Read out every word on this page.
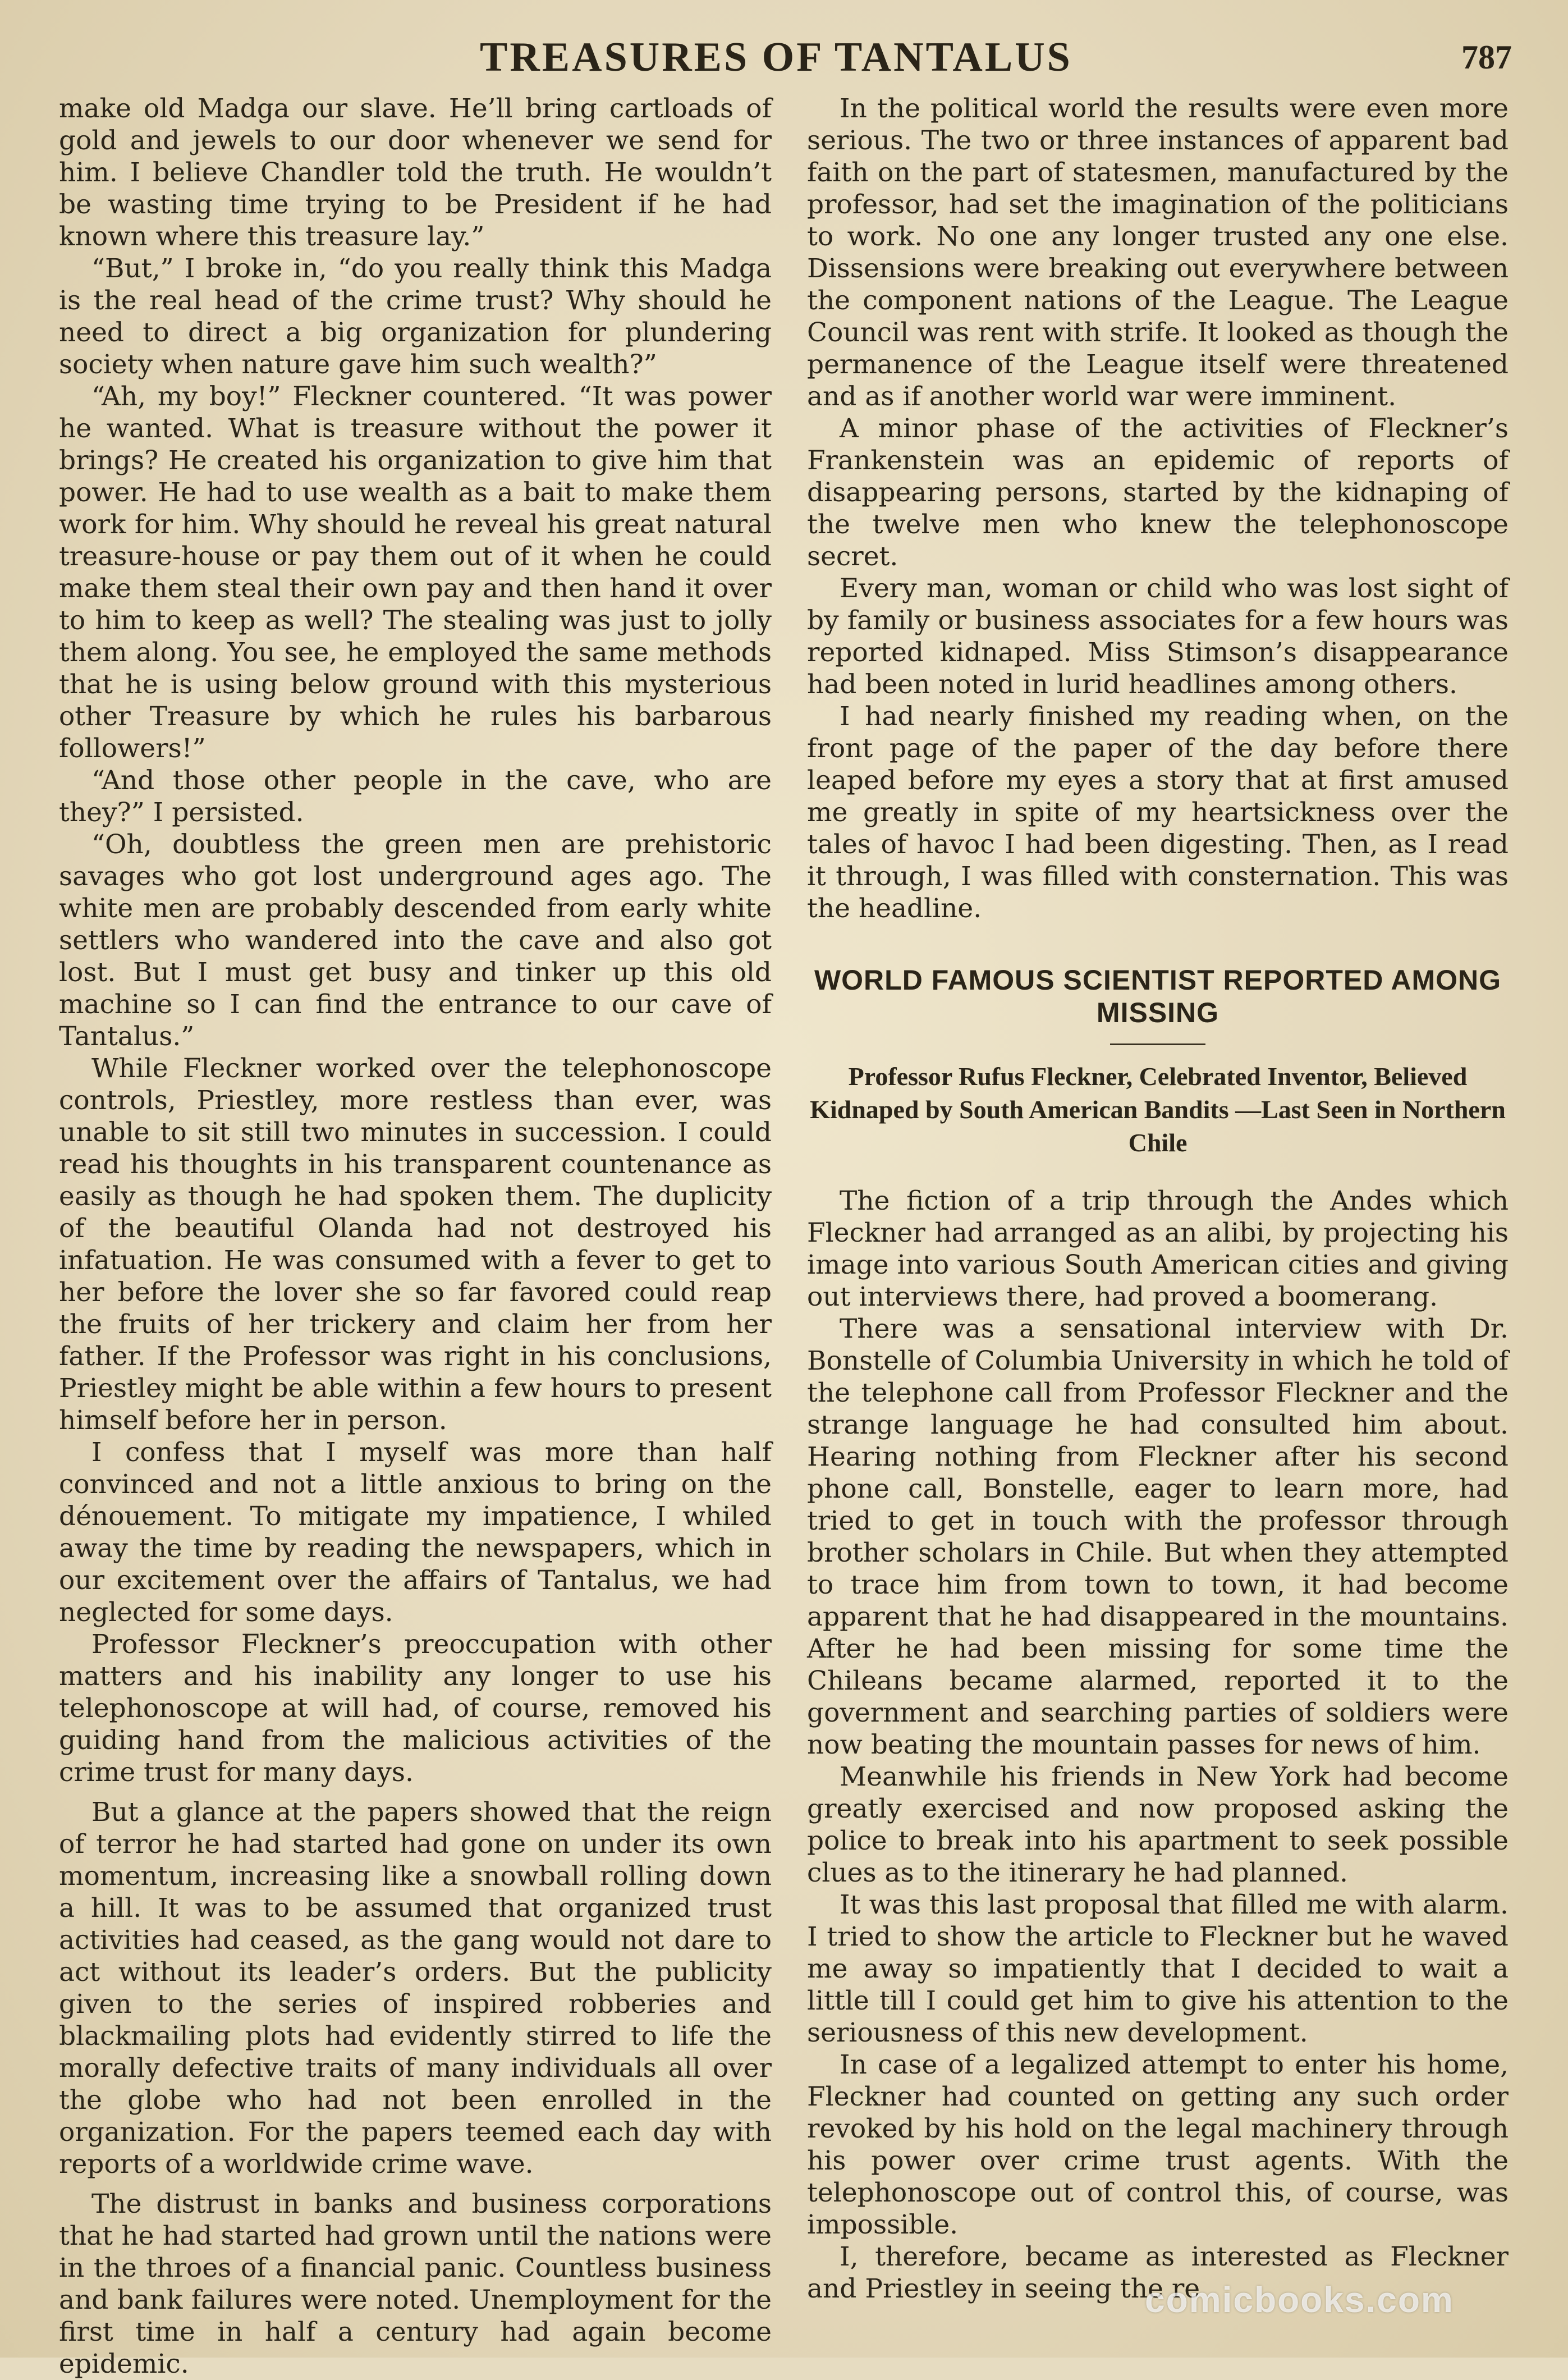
TREASURES OF TANTALUS	787

make old Madga our slave. He’ll bring cartloads of gold and jewels to our door whenever we send for him. I believe Chandler told the truth. He wouldn’t be wasting time trying to be President if he had known where this treasure lay.”

“But,” I broke in, “do you really think this Madga is the real head of the crime trust? Why should he need to direct a big organization for plundering society when nature gave him such wealth?”

“Ah, my boy!” Fleckner countered. “It was power he wanted. What is treasure without the power it brings? He created his organization to give him that power. He had to use wealth as a bait to make them work for him. Why should he reveal his great natural treasure-house or pay them out of it when he could make them steal their own pay and then hand it over to him to keep as well? The stealing was just to jolly them along. You see, he employed the same methods that he is using below ground with this mysterious other Treasure by which he rules his barbarous followers!”

“And those other people in the cave, who are they?” I persisted.

“Oh, doubtless the green men are prehistoric savages who got lost underground ages ago. The white men are probably descended from early white settlers who wandered into the cave and also got lost. But I must get busy and tinker up this old machine so I can find the entrance to our cave of Tantalus.”

While Fleckner worked over the telephonoscope controls, Priestley, more restless than ever, was unable to sit still two minutes in succession. I could read his thoughts in his transparent countenance as easily as though he had spoken them. The duplicity of the beautiful Olanda had not destroyed his infatuation. He was consumed with a fever to get to her before the lover she so far favored could reap the fruits of her trickery and claim her from her father. If the Professor was right in his conclusions, Priestley might be able within a few hours to present himself before her in person.

I confess that I myself was more than half convinced and not a little anxious to bring on the dénouement. To mitigate my impatience, I whiled away the time by reading the newspapers, which in our excitement over the affairs of Tantalus, we had neglected for some days.

Professor Fleckner’s preoccupation with other matters and his inability any longer to use his telephonoscope at will had, of course, removed his guiding hand from the malicious activities of the crime trust for many days.

But a glance at the papers showed that the reign of terror he had started had gone on under its own momentum, increasing like a snowball rolling down a hill. It was to be assumed that organized trust activities had ceased, as the gang would not dare to act without its leader’s orders. But the publicity given to the series of inspired robberies and blackmailing plots had evidently stirred to life the morally defective traits of many individuals all over the globe who had not been enrolled in the organization. For the papers teemed each day with reports of a worldwide crime wave.

The distrust in banks and business corporations that he had started had grown until the nations were in the throes of a financial panic. Countless business and bank failures were noted. Unemployment for the first time in half a century had again become epidemic.

In the political world the results were even more serious. The two or three instances of apparent bad faith on the part of statesmen, manufactured by the professor, had set the imagination of the politicians to work. No one any longer trusted any one else. Dissensions were breaking out everywhere between the component nations of the League. The League Council was rent with strife. It looked as though the permanence of the League itself were threatened and as if another world war were imminent.

A minor phase of the activities of Fleckner’s Frankenstein was an epidemic of reports of disappearing persons, started by the kidnaping of the twelve men who knew the telephonoscope secret.

Every man, woman or child who was lost sight of by family or business associates for a few hours was reported kidnaped. Miss Stimson’s disappearance had been noted in lurid headlines among others.

I had nearly finished my reading when, on the front page of the paper of the day before there leaped before my eyes a story that at first amused me greatly in spite of my heartsickness over the tales of havoc I had been digesting. Then, as I read it through, I was filled with consternation. This was the headline.

WORLD FAMOUS SCIENTIST REPORTED AMONG MISSING
Professor Rufus Fleckner, Celebrated Inventor, Believed Kidnaped by South American Bandits —Last Seen in Northern Chile

The fiction of a trip through the Andes which Fleckner had arranged as an alibi, by projecting his image into various South American cities and giving out interviews there, had proved a boomerang.

There was a sensational interview with Dr. Bonstelle of Columbia University in which he told of the telephone call from Professor Fleckner and the strange language he had consulted him about. Hearing nothing from Fleckner after his second phone call, Bonstelle, eager to learn more, had tried to get in touch with the professor through brother scholars in Chile. But when they attempted to trace him from town to town, it had become apparent that he had disappeared in the mountains. After he had been missing for some time the Chileans became alarmed, reported it to the government and searching parties of soldiers were now beating the mountain passes for news of him.

Meanwhile his friends in New York had become greatly exercised and now proposed asking the police to break into his apartment to seek possible clues as to the itinerary he had planned.

It was this last proposal that filled me with alarm. I tried to show the article to Fleckner but he waved me away so impatiently that I decided to wait a little till I could get him to give his attention to the seriousness of this new development.

In case of a legalized attempt to enter his home, Fleckner had counted on getting any such order revoked by his hold on the legal machinery through his power over crime trust agents. With the telephonoscope out of control this, of course, was impossible.

I, therefore, became as interested as Fleckner and Priestley in seeing the re

comicbooks.com
